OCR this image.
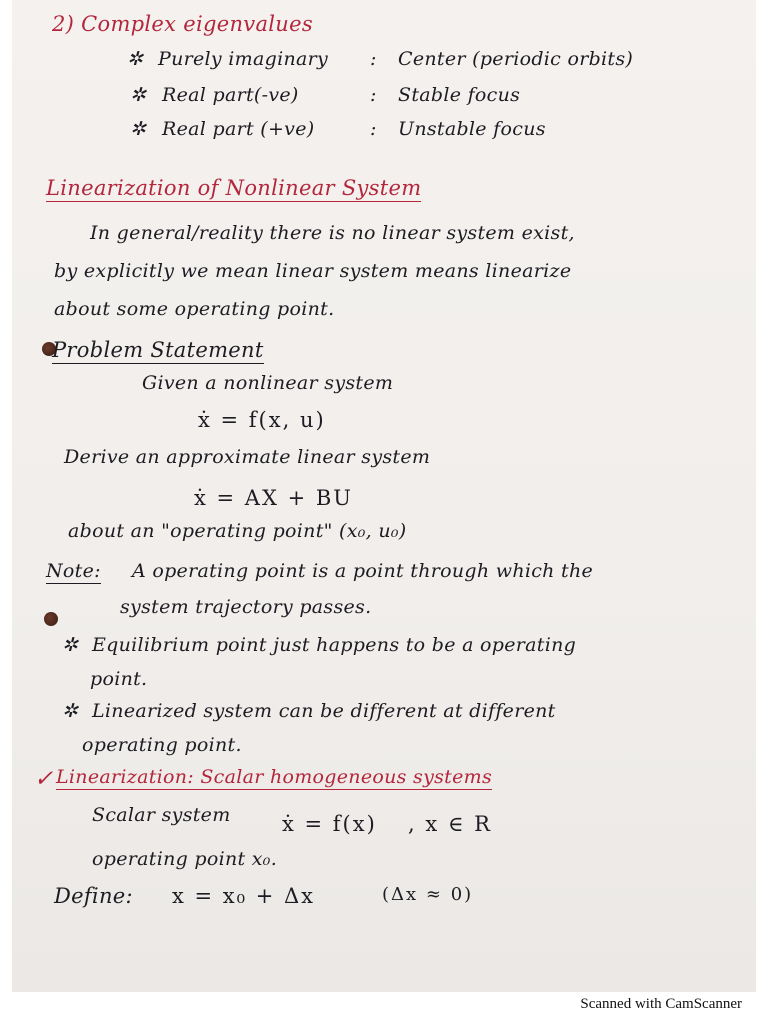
2) Complex eigenvalues
✲ Purely imaginary : Center (periodic orbits)
✲ Real part(-ve)	: Stable focus
✲ Real part (+ve)	: Unstable focus
Linearization of Nonlinear System
In general/reality there is no linear system exist,
by explicitly we mean linear system means linearize
about some operating point.
Problem Statement
Given a nonlinear system
ẋ = f(x, u)
Derive an approximate linear system
ẋ = AX + BU
about an "operating point" (x₀, u₀)
Note: A operating point is a point through which the
system trajectory passes.
✲ Equilibrium point just happens to be a operating
point.
✲ Linearized system can be different at different
operating point.
✓ Linearization: Scalar homogeneous systems
Scalar system ẋ = f(x) , x ∈ R
operating point x₀.
Define: x = x₀ + Δx	(Δx ≈ 0)
Scanned with CamScanner
